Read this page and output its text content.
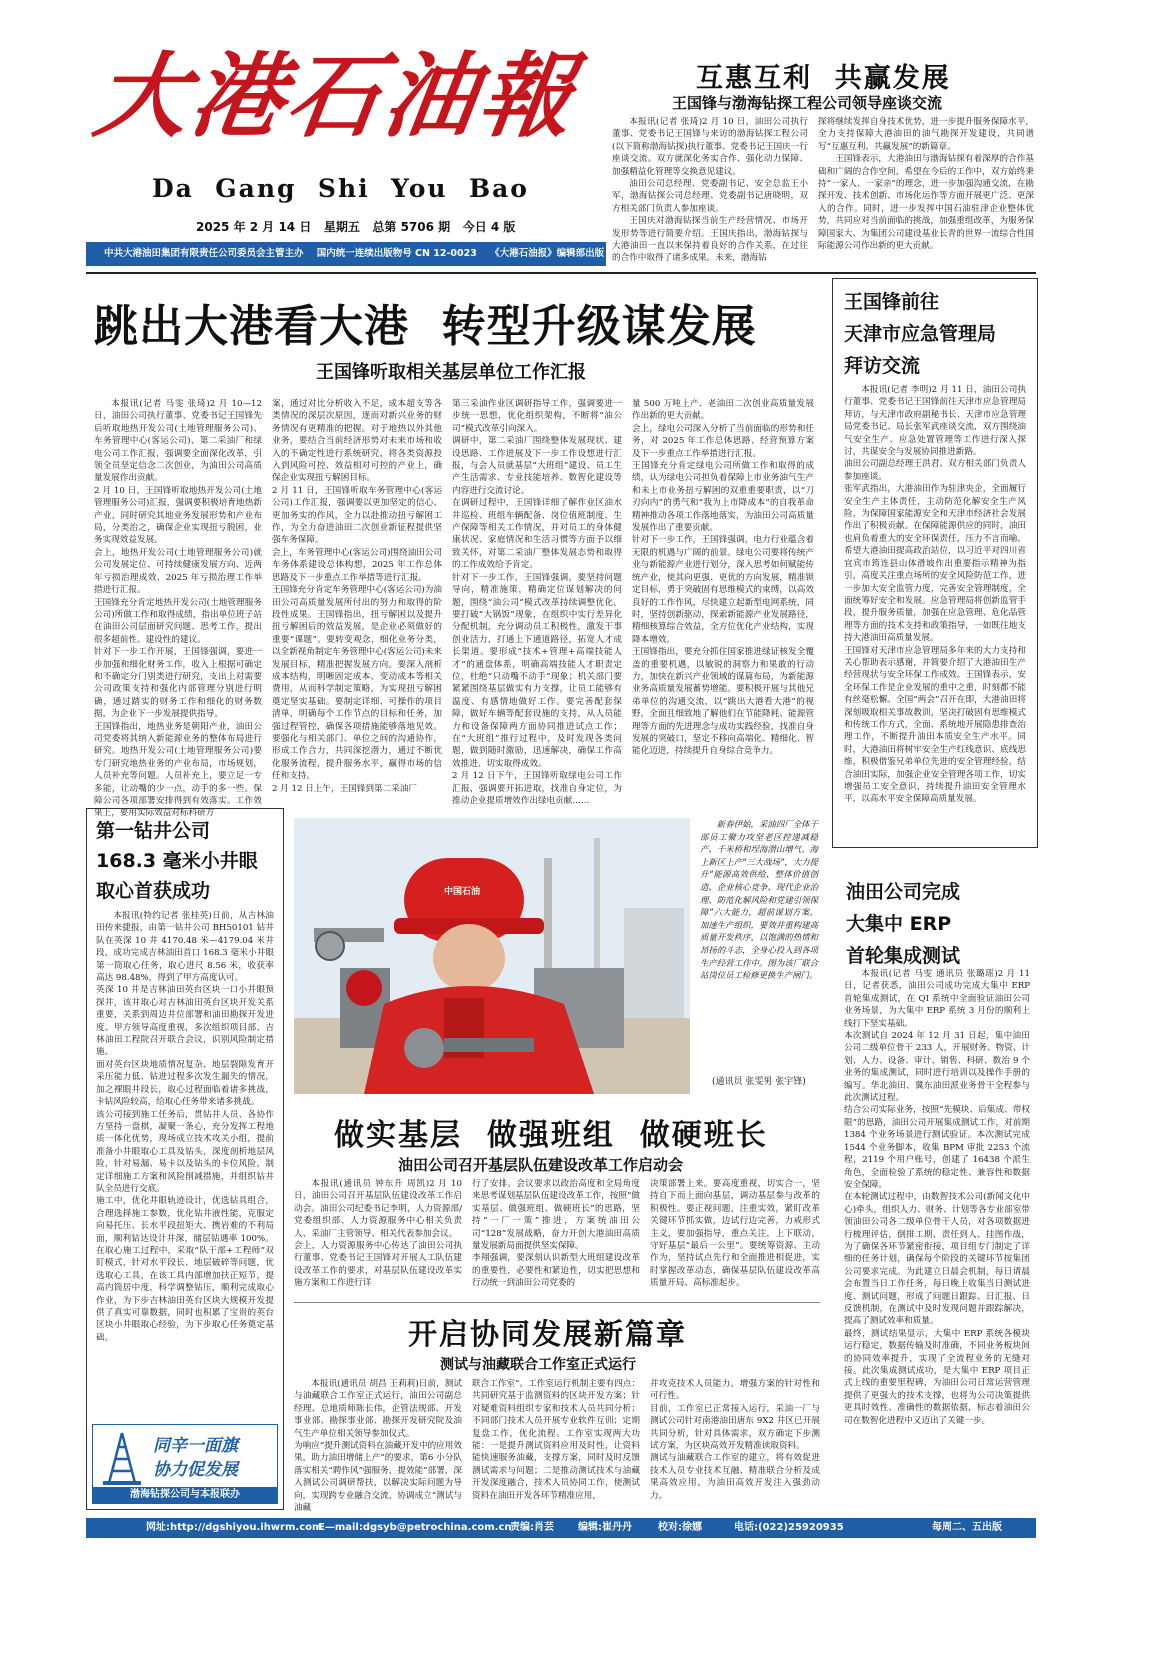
大港石油報
Da  Gang  Shi  You  Bao
2025 年 2 月 14 日   星期五   总第 5706 期   今日 4 版
中共大港油田集团有限责任公司委员会主管主办    国内统一连续出版物号 CN 12-0023    《大港石油报》编辑部出版
互惠互利  共赢发展
王国锋与渤海钻探工程公司领导座谈交流

本报讯(记者 张琦)2 月 10 日，油田公司执行董事、党委书记王国锋与来访的渤海钻探工程公司(以下简称渤海钻探)执行董事、党委书记王国庆一行座谈交流。双方就深化务实合作、强化动力保障、加强精益化管理等交换意见建议。

油田公司总经理、党委副书记、安全总监王小军，渤海钻探公司总经理、党委副书记唐晓明，双方相关部门负责人参加座谈。

王国庆对渤海钻探当前生产经营情况、市场开发形势等进行简要介绍。王国庆指出，渤海钻探与大港油田一直以来保持着良好的合作关系，在过往的合作中取得了诸多成果。未来，渤海钻

探将继续发挥自身技术优势，进一步提升服务保障水平，全力支持保障大港油田的油气勘探开发建设，共同谱写“互惠互利、共赢发展”的新篇章。

王国锋表示，大港油田与渤海钻探有着深厚的合作基础和广阔的合作空间，希望在今后的工作中，双方始终秉持“一家人、一家亲”的理念，进一步加强沟通交流，在勘探开发、技术创新、市场化运作等方面开展更广泛、更深入的合作。同时，进一步发挥中国石油驻津企业整体优势，共同应对当前面临的挑战，加强重组改革，为服务保障国家大、为集团公司建设基业长青的世界一流综合性国际能源公司作出新的更大贡献。

跳出大港看大港  转型升级谋发展
王国锋听取相关基层单位工作汇报

本报讯(记者 马雯 张琦)2 月 10—12 日，油田公司执行董事、党委书记王国锋先后听取地热开发公司(土地管理服务公司)、车务管理中心(客运公司)、第二采油厂和绿电公司工作汇报，强调要全面深化改革，引领全员坚定信念二次创业，为油田公司高质量发展作出贡献。
2 月 10 日，王国锋听取地热开发公司(土地管理服务公司)汇报，强调要积极培育地热新产业，同时研究其地业务发展形势和产业布局，分类治之，确保企业实现扭亏脱困，业务实现效益发展。
会上，地热开发公司(土地管理服务公司)就公司发展定位、可持续健康发展方向、近两年亏损治理成效、2025 年亏损治理工作举措进行汇报。
王国锋充分肯定地热开发公司(土地管理服务公司)所做工作和取得成绩，指出单位班子站在油田公司层面研究问题、思考工作，提出很多超前性、建设性的建议。
针对下一步工作开展，王国锋强调，要进一步加强和细化财务工作，收入上根据可确定和不确定分门别类进行研究，支出上对需要公司政策支持和强化内部管理分别进行明确，通过踏实的财务工作和细化的财务数据，为企业下一步发展提供指导。
王国锋指出，地热业务是朝阳产业，油田公司党委将其纳入新能源业务的整体布局进行研究。地热开发公司(土地管理服务公司)要专门研究地热业务的产业布局，市场规划，人员补充等问题。人员补充上，要立足一专多能，让动嘴的少一点，动手的多一些。保障公司各项部署安排得到有效落实。工作效果上，要用实际效益对标科研方

案，通过对比分析收入不足，成本超支等各类情况的深层次原因，逐而对新兴业务的财务情况有更精准的把握。对于地热以外其他业务，要结合当前经济形势对未来市场和收入的不确定性进行系统研究，将各类资源投入到风险可控、效益相对可控的产业上，确保企业实现扭亏解困目标。
2 月 11 日，王国锋听取车务管理中心(客运公司)工作汇报，强调要以更加坚定的信心、更加务实的作风，全力以赴推动扭亏解困工作，为全力奋进油田二次创业新征程提供坚强车务保障。
会上，车务管理中心(客运公司)围绕油田公司车务体系建设总体构想，2025 年工作总体思路及下一步重点工作举措等进行汇报。
王国锋充分肯定车务管理中心(客运公司)为油田公司高质量发展所付出的努力和取得的阶段性成果。王国锋指出，扭亏解困以及提升扭亏解困后的效益发展，是企业必须做好的重要“课题”。要转变观念，细化业务分类，以全新视角制定车务管理中心(客运公司)未来发展目标，精准把握发展方向。要深入剖析成本结构，明晰固定成本、变动成本等相关费用，从而科学制定策略，为实现扭亏解困奠定坚实基础。要制定详细、可操作的项目清单，明确每个工作节点的目标和任务，加强过程管控，确保各项措施能够落地见效。要强化与相关部门、单位之间的沟通协作，形成工作合力，共同深挖潜力，通过不断优化服务流程，提升服务水平，赢得市场的信任和支持。
2 月 12 日上午，王国锋到第二采油厂

第三采油作业区调研指导工作，强调要进一步统一思想，优化组织架构，不断将“油公司”模式改革引向深入。
调研中，第二采油厂围绕整体发展现状、建设思路、工作进展及下一步工作设想进行汇报，与会人员就基层“大班组”建设、员工生产生活需求、专业技能培养、数智化建设等内容进行交流讨论。
在调研过程中，王国锋详细了解作业区油水井巡检、班组车辆配备、岗位值班制度、生产保障等相关工作情况，并对员工的身体健康状况、家庭情况和生活习惯等方面予以细致关怀，对第二采油厂整体发展态势和取得的工作成效给予肯定。
针对下一步工作，王国锋强调，要坚持问题导向，精准施策，精确定位谋划解决的问题，围绕“油公司”模式改革持续调整优化，要打破“大锅饭”现象，在组织中实行差异化分配机制，充分调动员工积极性，激发干事创业活力，打通上下通道路径，拓宽人才成长渠道。要形成“技术+管理+高端技能人才”的通盘体系，明确高端技能人才职责定位，杜绝“只动嘴不动手”现象；机关部门要紧紧围绕基层做实有力支撑，让员工能够有温度、有感情地做好工作。要完善配套保障，做好车辆等配套设施的支持，从人员能力和设备保障两方面协同推进试点工作；在“大班组”推行过程中，及时发现各类问题，做到随时激励，迅速解决，确保工作高效推进、切实取得成效。
2 月 12 日下午，王国锋听取绿电公司工作汇报，强调要开拓进取，找准自身定位，为推动企业提质增效作出绿电贡献……

量 500 万吨上产、老油田二次创业高质量发展作出新的更大贡献。
会上，绿电公司深入分析了当前面临的形势和任务，对 2025 年工作总体思路、经营预算方案及下一步重点工作举措进行汇报。
王国锋充分肯定绿电公司所做工作和取得的成绩，认为绿电公司担负着保障上市业务油气生产和未上市业务扭亏解困的双重重要职责，以“刀刃向内”的勇气和“我为上市降成本”的自我革命精神推动各项工作落地落实，为油田公司高质量发展作出了重要贡献。
针对下一步工作，王国锋强调，电力行业蕴含着无限的机遇与广阔的前景。绿电公司要将传统产业与新能源产业进行划分，深入思考如何赋能传统产业，使其向更强、更优的方向发展，精准锁定目标，勇于突破固有思维模式的束缚，以高效良好的工作作风，尽快建立起新型电网系统，同时，坚持创新驱动，探索新能源产业发展路径，精细核算综合效益，全方位优化产业结构，实现降本增效。
王国锋指出，要充分抓住国家推进绿证核发全覆盖的重要机遇，以敏锐的洞察力和果敢的行动力，加快在新兴产业领域的谋篇布局，为新能源业务高质量发展蓄势增能。要积极开展与其他兄弟单位的沟通交流，以“跳出大港看大港”的视野，全面且细致地了解他们在节能降耗、能源管理等方面的先进理念与成功实践经验，找准自身发展的突破口，坚定不移向高端化、精细化、智能化迈进，持续提升自身综合竞争力。

王国锋前往
天津市应急管理局
拜访交流

本报讯(记者 李明)2 月 11 日，油田公司执行董事、党委书记王国锋前往天津市应急管理局拜访，与天津市政府副秘书长、天津市应急管理局党委书记、局长张军武座谈交流，双方围绕油气安全生产、应急处置管理等工作进行深入探讨，共谋安全与发展协同推进新路。
油田公司副总经理王洪君、双方相关部门负责人参加座谈。
张军武指出，大港油田作为驻津央企，全面履行安全生产主体责任，主动防范化解安全生产风险，为保障国家能源安全和天津市经济社会发展作出了积极贡献。在保障能源供应的同时，油田也肩负着重大的安全环保责任，压力不言而喻。希望大港油田提高政治站位，以习近平对四川省宜宾市筠连县山体滑坡作出重要指示精神为指引，高度关注重点场所的安全风险防范工作，进一步加大安全监管力度，完善安全管理制度，全面统筹好安全和发展。应急管理局将创新监管手段，提升服务质量，加强在应急管理、危化品管理等方面的技术支持和政策指导，一如既往地支持大港油田高质量发展。
王国锋对天津市应急管理局多年来的大力支持和关心帮助表示感谢，并简要介绍了大港油田生产经营现状与安全环保工作成效。王国锋表示，安全环保工作是企业发展的重中之重，时刻都不能有丝毫松懈。全国“两会”召开在即，大港油田将深刻吸取相关事故教训，坚决打破固有思维模式和传统工作方式，全面、系统地开展隐患排查治理工作，不断提升油田本质安全生产水平。同时，大港油田将树牢安全生产红线意识、底线思维，积极借鉴兄弟单位先进的安全管理经验，结合油田实际，加强企业安全管理各项工作，切实增强员工安全意识，持续提升油田安全管理水平，以高水平安全保障高质量发展。

第一钻井公司
168.3 毫米小井眼
取心首获成功

本报讯(特约记者 张桂英)日前，从吉林油田传来捷报，由第一钻井公司 BH50101 钻井队在英深 10 井 4170.48 米—4179.04 米井段，成功完成吉林油田首口 168.3 毫米小井眼第一筒取心任务，取心进尺 8.56 米，收获率高达 98.48%，得到了甲方高度认可。
英深 10 井是吉林油田英台区块一口小井眼预探井，该井取心对吉林油田英台区块开发关系重要，关系到周边井位部署和油田勘探开发进度。甲方领导高度重视，多次组织项目部、吉林油田工程院召开联合会议，识别风险制定措施。
面对英台区块地质情况复杂、地层裂隙发育开采压能力低、钻进过程多次发生漏失的情况，加之裸眼井段长，取心过程面临着诸多挑战，卡钻风险较高，给取心任务带来诸多挑战。
该公司接到施工任务后，贯钻井人员、各协作方坚持一盘棋，凝聚一条心，充分发挥工程地质一体化优势，现场成立技术攻关小组，提前准备小井眼取心工具及钻头，深度剖析地层风险，针对易漏、易卡以及钻头的卡位风险，制定详细施工方案和风险削减措施，并组织钻井队全员进行交底。
施工中，优化井眼轨迹设计，优选钻具组合，合理选择施工参数，优化钻井液性能，克服定向易托压、长水平段扭矩大、携岩难的不利局面，顺利钻达设计井深，储层钻遇率 100%。在取心施工过程中，采取“队干部+工程师”双盯模式，针对水平段长、地层破碎等问题，优选取心工具，在该工具内部增加扶正短节，提高内筒居中度，科学调整钻压，顺利完成取心作业，为下步吉林油田英台区块大规模开发提供了真实可靠数据，同时也积累了宝贵的英台区块小井眼取心经验，为下步取心任务奠定基础。

同辛一面旗
协力促发展
渤海钻探公司与本报联办
中国石油

新春伊始，采油四厂全体干部员工聚力攻坚老区控递减稳产、千米桥和埕海潜山增气、海上新区上产“三大战场”，大力提升“能源高效供给、整体价值创造、企业核心竞争、现代企业治理、防范化解风险和党建引领保障”六大能力，超前谋划方案，加速生产组织，要效并重构建高质量开发秩序，以饱满的热情和昂扬的斗志，全身心投入到各项生产经营工作中。图为该厂联合站岗位员工检修更换生产闸门。

(通讯员 张雯男 张宇锋)
油田公司完成
大集中 ERP
首轮集成测试

本报讯(记者 马雯 通讯员 张璐瑶)2 月 11 日，记者获悉，油田公司成功完成大集中 ERP 首轮集成测试，在 QI 系统中全面验证油田公司业务场景，为大集中 ERP 系统 3 月份的顺利上线打下坚实基础。
本次测试自 2024 年 12 月 31 日起，集中油田公司二级单位骨干 233 人，开展财务、物资、计划、人力、设备、审计、销售、科研、数治 9 个业务的集成测试，同时进行培训以及操作手册的编写。华北油田、冀东油田派业务骨干全程参与此次测试过程。
结合公司实际业务，按照“先模块、后集成、带权限”的思路，油田公司开展集成测试工作，对前期 1384 个业务场景进行测试验证。本次测试完成 1544 个业务脚本，收集 BPM 审批 2253 个流程，2119 个用户账号，创建了 16438 个派生角色，全面检验了系统的稳定性、兼容性和数据安全保障。
在本轮测试过程中，由数智技术公司(新闻文化中心)牵头，组织人力、财务、计划等各专业部室带领油田公司各二级单位骨干人员，对各项数据进行梳理评估，倒排工期、责任到人、挂图作战，为了确保各环节紧密衔接，项目组专门制定了详细的任务计划，确保每个阶段的关键环节按集团公司要求完成。为此建立日晨会机制，每日请晨会布置当日工作任务，每日晚上收集当日测试进度、测试问题，形成了问题日跟踪、日汇报、日反馈机制，在测试中及时发现问题并跟踪解决，提高了测试效率和质量。
最终，测试结果显示，大集中 ERP 系统各模块运行稳定，数据传输及时准确，不同业务板块间的协同效率提升，实现了全流程业务的无缝对接。此次集成测试成功，是大集中 ERP 项目正式上线的重要里程碑，为油田公司日常运营管理提供了更强大的技术支撑，也将为公司决策提供更具时效性、准确性的数据依据，标志着油田公司在数智化进程中又迈出了关键一步。

做实基层  做强班组  做硬班长
油田公司召开基层队伍建设改革工作启动会

本报讯(通讯员 钟东升 周凯)2 月 10 日，油田公司召开基层队伍建设改革工作启动会。油田公司纪委书记李明，人力资源部/党委组织部、人力资源服务中心相关负责人、采油厂主管领导、相关代表参加会议。
会上，人力资源服务中心传达了油田公司执行董事、党委书记王国锋对开展人工队伍建设改革工作的要求，对基层队伍建设改革实施方案和工作进行详

行了安排。会议要求以政治高度和全局角度来思考谋划基层队伍建设改革工作，按照“做实基层、做强班组、做硬班长”的思路，坚持“一厂一策”推进，方案统油田公司“128”发展战略，奋力开创大港油田高质量发展新局面提供坚实保障。
李翔强调，要深刻认识新型大班组建设改革的重要性，必要性和紧迫性，切实把思想和行动统一到油田公司党委的

决策部署上来。要高度重视，切实合一，坚持自下而上面向基层，调动基层参与改革的积极性。要正视问题，注重实效，紧盯改革关键环节抓实做，边试行边完善，力戒形式主义，要加强指导，重点关注，上下联动，守好基层“最后一公里”。要统筹资源、主动作为，坚持试点先行和全面推进相促进，实时掌握改革动态，确保基层队伍建设改革高质量开局、高标准起步。

开启协同发展新篇章
测试与油藏联合工作室正式运行

本报讯(通讯员 胡昌 王莉莉)日前，测试与油藏联合工作室正式运行，油田公司副总经理、总地质师陈长伟，企管法规部、开发事业部、勘探事业部、勘探开发研究院及油气生产单位相关领导参加仪式。
为响应“提升测试资料在油藏开发中的应用效果，助力油田增储上产”的要求，第6 小分队落实相关“聘作风”强服务，提效能”部署，深入测试公司调研帮扶，以解决实际问题为导向，实现跨专业融合交流，协调成立“测试与油藏

联合工作室”。工作室运行机制主要有四点：共同研究基于监测资料的区块开发方案；针对疑难资料组织专家和技术人员共同分析；不同部门技术人员开展专业软件互训；定期复盘工作，优化流程。工作室实现两大功能：一是提升测试资料应用及时性，让资料能快速服务油藏，支撑方案，同时及时反馈测试需求与问题；二是推动测试技术与油藏开发深度融合，技术人员协同工作，使测试资料在油田开发各环节精准应用，

并攻克技术人员能力，增强方案的针对性和可行性。
目前，工作室已正常接入运行，采油一厂与测试公司针对南港油田唐东 9X2 井区已开展共同分析，针对具体需求，双方确定下步测试方案，为区块高效开发精准读取资料。
测试与油藏联合工作室的建立，将有效促进技术人员专业技术互融、精准联合分析及成果高效应用，为油田高效开发注入强劲动力。

网址:http://dgshiyou.ihwrm.com
E—mail:dgsyb@petrochina.com.cn
责编:肖芸 编辑:崔丹丹	校对:徐娜	电话:(022)25920935	每周二、五出版
